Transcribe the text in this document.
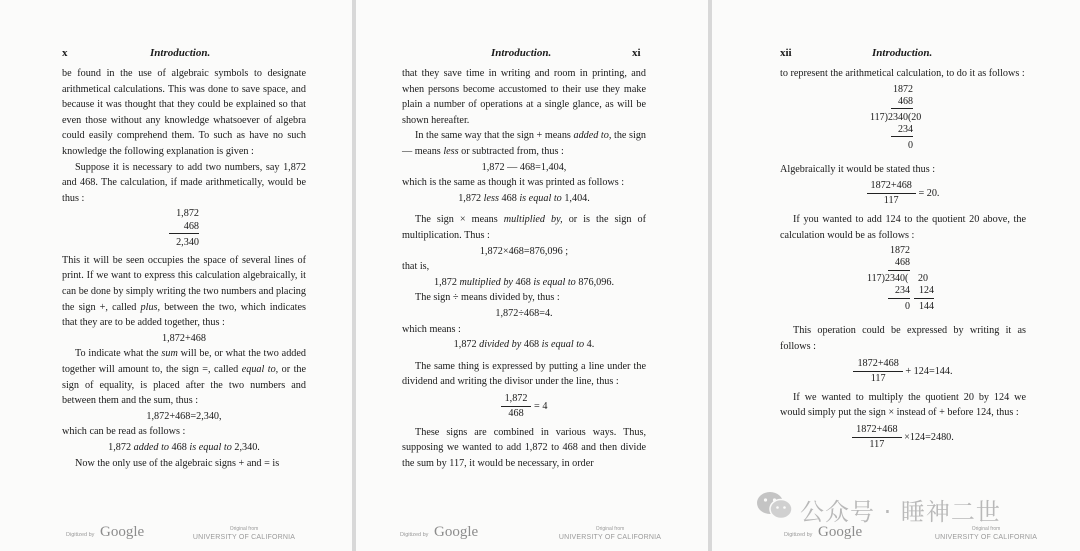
x	Introduction.

be found in the use of algebraic symbols to designate arithmetical calculations. This was done to save space, and because it was thought that they could be explained so that even those without any knowledge whatsoever of algebra could easily comprehend them. To such as have no such knowledge the following explanation is given :

Suppose it is necessary to add two numbers, say 1,872 and 468. The calculation, if made arithmetically, would be thus :

1,872
468
2,340

This it will be seen occupies the space of several lines of print. If we want to express this calculation algebraically, it can be done by simply writing the two numbers and placing the sign +, called plus, between the two, which indicates that they are to be added together, thus :

1,872+468

To indicate what the sum will be, or what the two added together will amount to, the sign =, called equal to, or the sign of equality, is placed after the two numbers and between them and the sum, thus :

1,872+468=2,340,

which can be read as follows :

1,872 added to 468 is equal to 2,340.

Now the only use of the algebraic signs + and = is

Digitized by Google	Original from
UNIVERSITY OF CALIFORNIA
Introduction.	xi

that they save time in writing and room in printing, and when persons become accustomed to their use they make plain a number of operations at a single glance, as will be shown hereafter.

In the same way that the sign + means added to, the sign — means less or subtracted from, thus :

1,872 — 468=1,404,

which is the same as though it was printed as follows :

1,872 less 468 is equal to 1,404.

The sign × means multiplied by, or is the sign of multiplication. Thus :

1,872×468=876,096 ;

that is,

1,872 multiplied by 468 is equal to 876,096.

The sign ÷ means divided by, thus :

1,872÷468=4.

which means :

1,872 divided by 468 is equal to 4.

The same thing is expressed by putting a line under the dividend and writing the divisor under the line, thus :

$\frac{1,872}{468} = 4$

These signs are combined in various ways. Thus, supposing we wanted to add 1,872 to 468 and then divide the sum by 117, it would be necessary, in order

Digitized by Google	Original from
UNIVERSITY OF CALIFORNIA
xii	Introduction.

to represent the arithmetical calculation, to do it as follows :

1872
468
117)2340(20
234
0

Algebraically it would be stated thus :

$\frac{1872+468}{117} = 20$.

If you wanted to add 124 to the quotient 20 above, the calculation would be as follows :

1872
468
117)2340( 20
234 124
0 144

This operation could be expressed by writing it as follows :

$\frac{1872+468}{117} + 124=144$.

If we wanted to multiply the quotient 20 by 124 we would simply put the sign × instead of + before 124, thus :

$\frac{1872+468}{117} \times 124=2480$.
Digitized by Google	Original from
UNIVERSITY OF CALIFORNIA
公众号 · 睡神二世
